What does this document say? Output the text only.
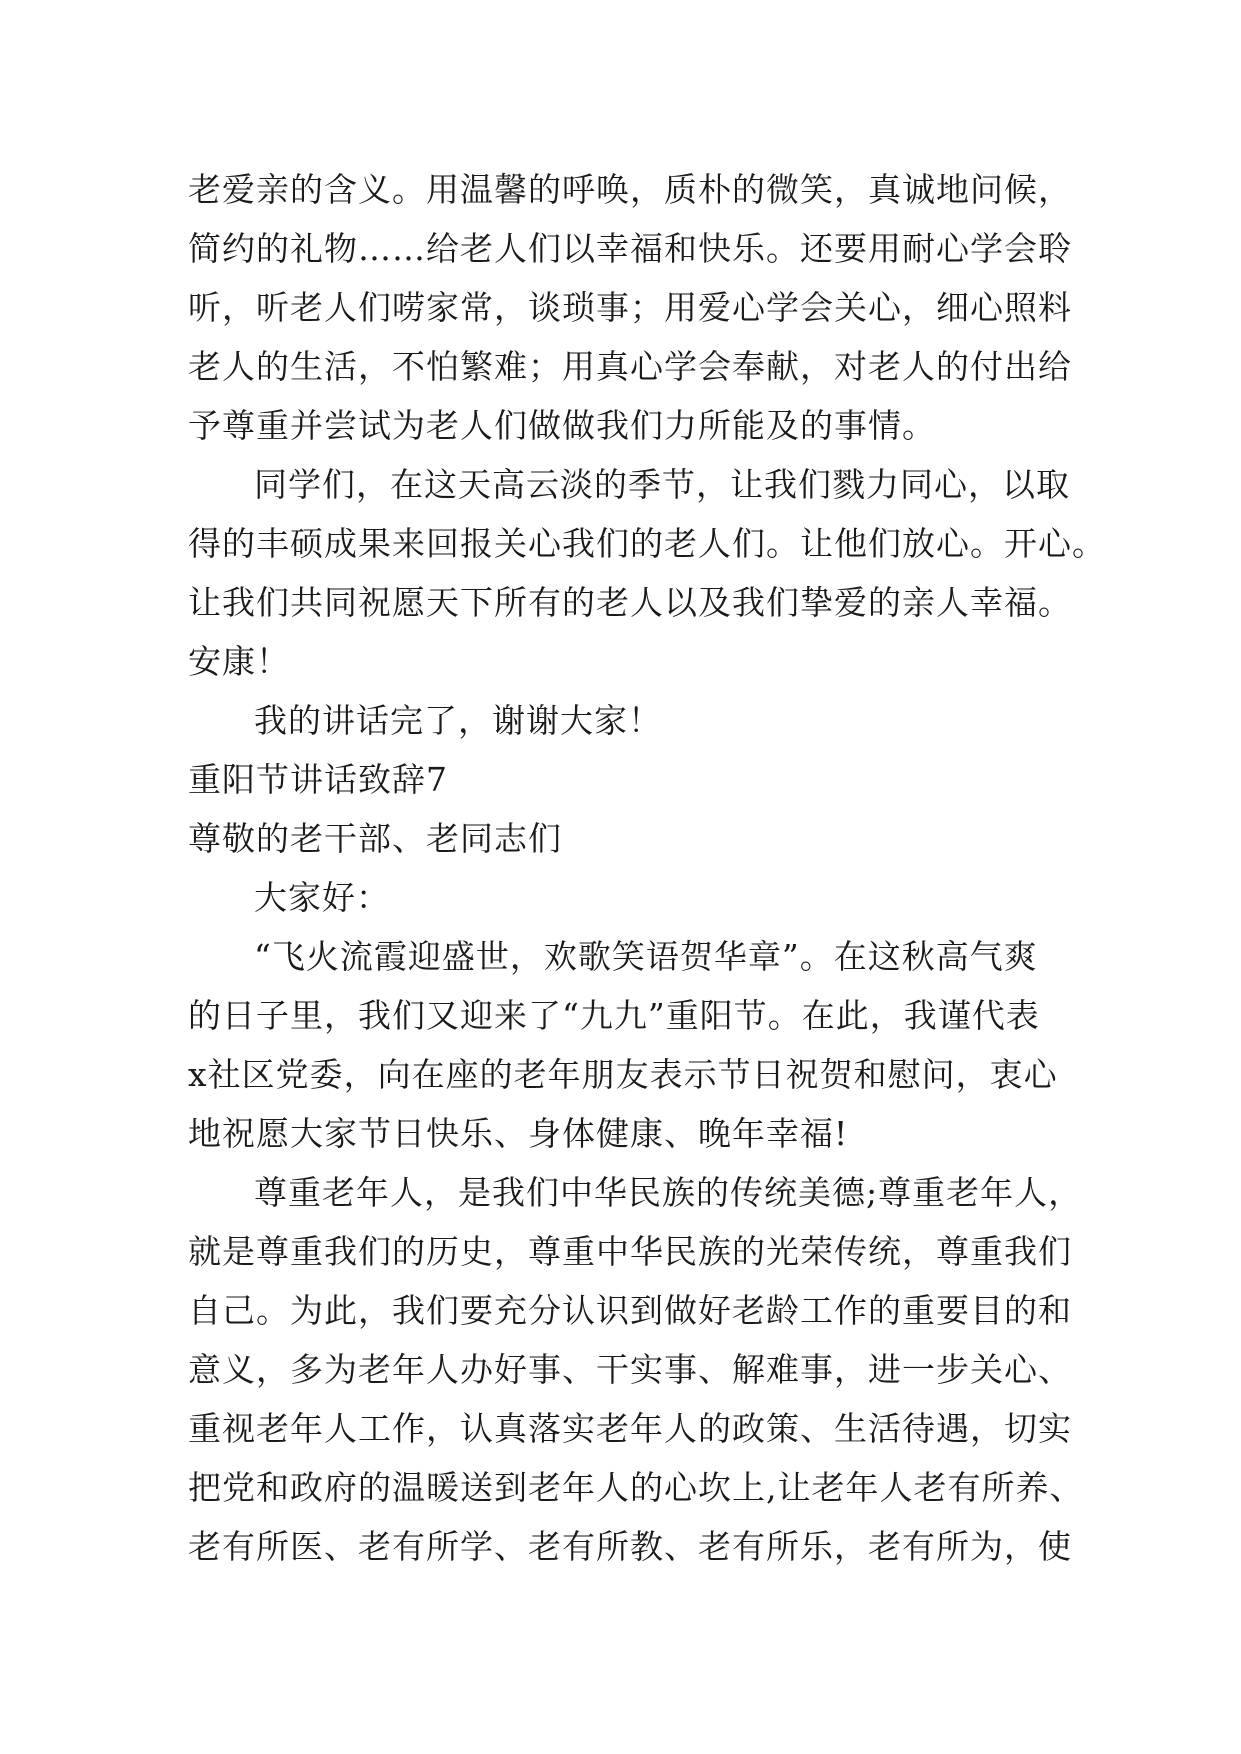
老爱亲的含义。用温馨的呼唤，质朴的微笑，真诚地问候，
简约的礼物……给老人们以幸福和快乐。还要用耐心学会聆
听，听老人们唠家常，谈琐事；用爱心学会关心，细心照料
老人的生活，不怕繁难；用真心学会奉献，对老人的付出给
予尊重并尝试为老人们做做我们力所能及的事情。
同学们，在这天高云淡的季节，让我们戮力同心，以取
得的丰硕成果来回报关心我们的老人们。让他们放心。开心。
让我们共同祝愿天下所有的老人以及我们挚爱的亲人幸福。
安康！
我的讲话完了，谢谢大家！
重阳节讲话致辞7
尊敬的老干部、老同志们
大家好：
“飞火流霞迎盛世，欢歌笑语贺华章”。在这秋高气爽
的日子里，我们又迎来了“九九”重阳节。在此，我谨代表
x社区党委，向在座的老年朋友表示节日祝贺和慰问，衷心
地祝愿大家节日快乐、身体健康、晚年幸福!
尊重老年人，是我们中华民族的传统美德;尊重老年人，
就是尊重我们的历史，尊重中华民族的光荣传统，尊重我们
自己。为此，我们要充分认识到做好老龄工作的重要目的和
意义，多为老年人办好事、干实事、解难事，进一步关心、
重视老年人工作，认真落实老年人的政策、生活待遇，切实
把党和政府的温暖送到老年人的心坎上,让老年人老有所养、
老有所医、老有所学、老有所教、老有所乐，老有所为，使
